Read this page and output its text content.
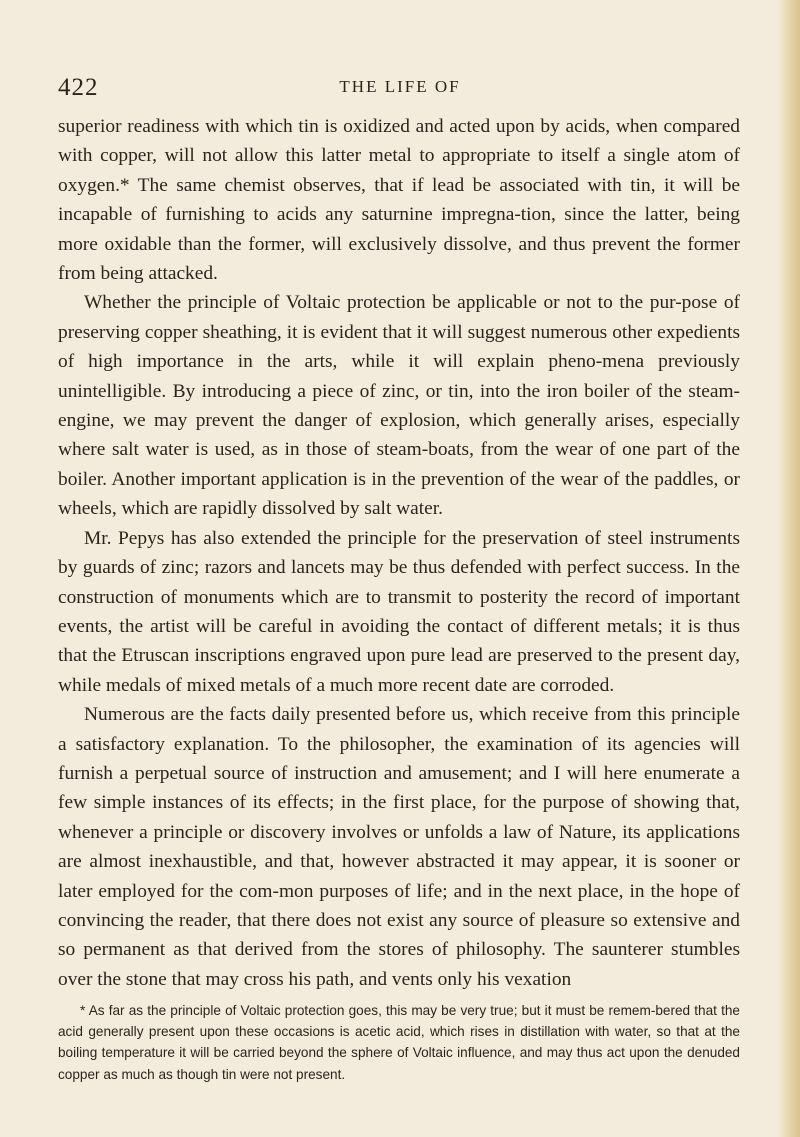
422	THE LIFE OF

superior readiness with which tin is oxidized and acted upon by acids, when compared with copper, will not allow this latter metal to appropriate to itself a single atom of oxygen.* The same chemist observes, that if lead be associated with tin, it will be incapable of furnishing to acids any saturnine impregna-tion, since the latter, being more oxidable than the former, will exclusively dissolve, and thus prevent the former from being attacked.

Whether the principle of Voltaic protection be applicable or not to the pur-pose of preserving copper sheathing, it is evident that it will suggest numerous other expedients of high importance in the arts, while it will explain pheno-mena previously unintelligible. By introducing a piece of zinc, or tin, into the iron boiler of the steam-engine, we may prevent the danger of explosion, which generally arises, especially where salt water is used, as in those of steam-boats, from the wear of one part of the boiler. Another important application is in the prevention of the wear of the paddles, or wheels, which are rapidly dissolved by salt water.

Mr. Pepys has also extended the principle for the preservation of steel instruments by guards of zinc; razors and lancets may be thus defended with perfect success. In the construction of monuments which are to transmit to posterity the record of important events, the artist will be careful in avoiding the contact of different metals; it is thus that the Etruscan inscriptions engraved upon pure lead are preserved to the present day, while medals of mixed metals of a much more recent date are corroded.

Numerous are the facts daily presented before us, which receive from this principle a satisfactory explanation. To the philosopher, the examination of its agencies will furnish a perpetual source of instruction and amusement; and I will here enumerate a few simple instances of its effects; in the first place, for the purpose of showing that, whenever a principle or discovery involves or unfolds a law of Nature, its applications are almost inexhaustible, and that, however abstracted it may appear, it is sooner or later employed for the com-mon purposes of life; and in the next place, in the hope of convincing the reader, that there does not exist any source of pleasure so extensive and so permanent as that derived from the stores of philosophy. The saunterer stumbles over the stone that may cross his path, and vents only his vexation

* As far as the principle of Voltaic protection goes, this may be very true; but it must be remem-bered that the acid generally present upon these occasions is acetic acid, which rises in distillation with water, so that at the boiling temperature it will be carried beyond the sphere of Voltaic influence, and may thus act upon the denuded copper as much as though tin were not present.
